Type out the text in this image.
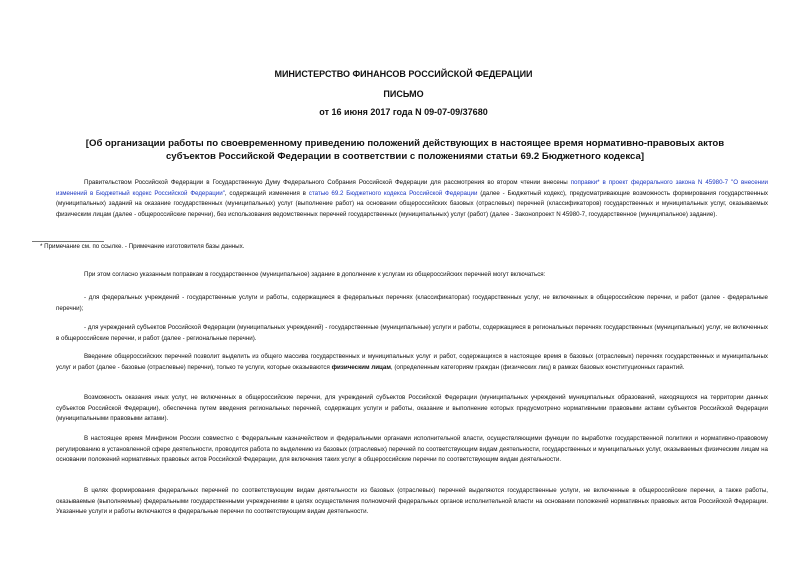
МИНИСТЕРСТВО ФИНАНСОВ РОССИЙСКОЙ ФЕДЕРАЦИИ
ПИСЬМО
от 16 июня 2017 года N 09-07-09/37680
[Об организации работы по своевременному приведению положений действующих в настоящее время нормативно-правовых актов субъектов Российской Федерации в соответствии с положениями статьи 69.2 Бюджетного кодекса]

Правительством Российской Федерации в Государственную Думу Федерального Собрания Российской Федерации для рассмотрения во втором чтении внесены поправки* в проект федерального закона N 45980-7 "О внесении изменений в Бюджетный кодекс Российской Федерации", содержащий изменения в статью 69.2 Бюджетного кодекса Российской Федерации (далее - Бюджетный кодекс), предусматривающие возможность формирования государственных (муниципальных) заданий на оказание государственных (муниципальных) услуг (выполнение работ) на основании общероссийских базовых (отраслевых) перечней (классификаторов) государственных и муниципальных услуг, оказываемых физическим лицам (далее - общероссийские перечни), без использования ведомственных перечней государственных (муниципальных) услуг (работ) (далее - Законопроект N 45980-7, государственное (муниципальное) задание).

* Примечание см. по ссылке. - Примечание изготовителя базы данных.

При этом согласно указанным поправкам в государственное (муниципальное) задание в дополнение к услугам из общероссийских перечней могут включаться:

- для федеральных учреждений - государственные услуги и работы, содержащиеся в федеральных перечнях (классификаторах) государственных услуг, не включенных в общероссийские перечни, и работ (далее - федеральные перечни);

- для учреждений субъектов Российской Федерации (муниципальных учреждений) - государственные (муниципальные) услуги и работы, содержащиеся в региональных перечнях государственных (муниципальных) услуг, не включенных в общероссийские перечни, и работ (далее - региональные перечни).

Введение общероссийских перечней позволит выделить из общего массива государственных и муниципальных услуг и работ, содержащихся в настоящее время в базовых (отраслевых) перечнях государственных и муниципальных услуг и работ (далее - базовые (отраслевые) перечни), только те услуги, которые оказываются физическим лицам, (определенным категориям граждан (физических лиц) в рамках базовых конституционных гарантий.

Возможность оказания иных услуг, не включенных в общероссийские перечни, для учреждений субъектов Российской Федерации (муниципальных учреждений муниципальных образований, находящихся на территории данных субъектов Российской Федерации), обеспечена путем введения региональных перечней, содержащих услуги и работы, оказание и выполнение которых предусмотрено нормативными правовыми актами субъектов Российской Федерации (муниципальными правовыми актами).

В настоящее время Минфином России совместно с Федеральным казначейством и федеральными органами исполнительной власти, осуществляющими функции по выработке государственной политики и нормативно-правовому регулированию в установленной сфере деятельности, проводится работа по выделению из базовых (отраслевых) перечней по соответствующим видам деятельности, государственных и муниципальных услуг, оказываемых физическим лицам на основании положений нормативных правовых актов Российской Федерации, для включения таких услуг в общероссийские перечни по соответствующим видам деятельности.

В целях формирования федеральных перечней по соответствующим видам деятельности из базовых (отраслевых) перечней выделяются государственные услуги, не включенные в общероссийские перечни, а также работы, оказываемые (выполняемые) федеральными государственными учреждениями в целях осуществления полномочий федеральных органов исполнительной власти на основании положений нормативных правовых актов Российской Федерации. Указанные услуги и работы включаются в федеральные перечни по соответствующим видам деятельности.
